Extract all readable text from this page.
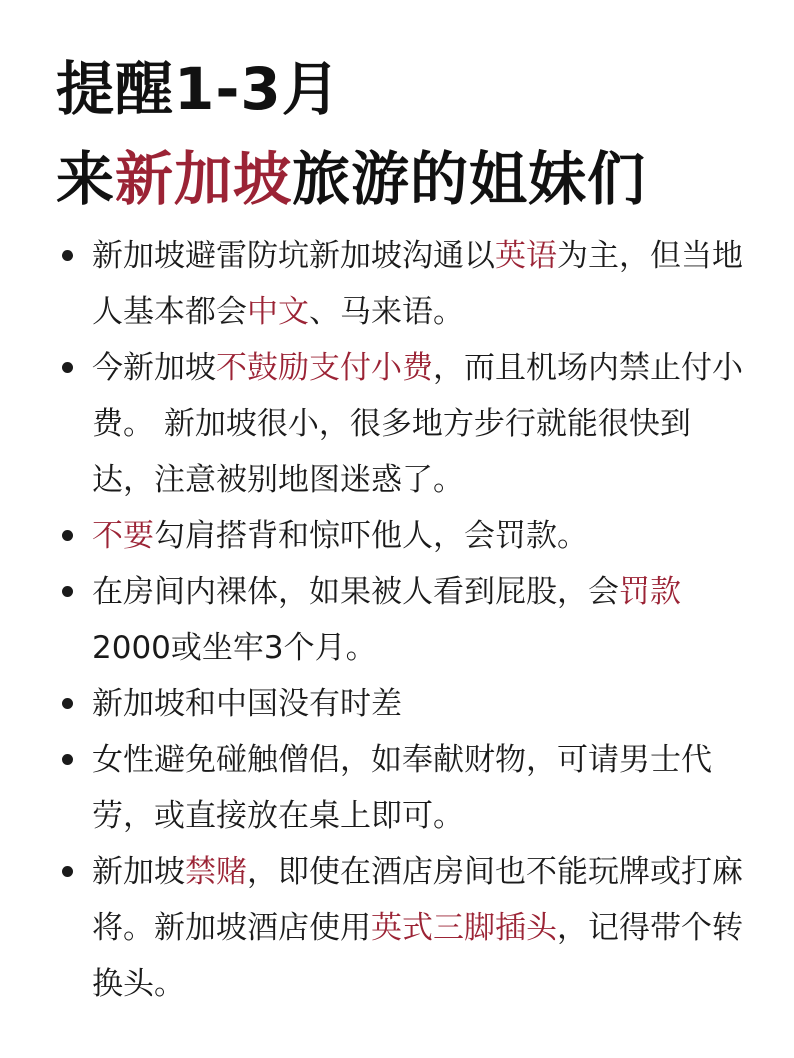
提醒1-3月
来新加坡旅游的姐妹们
新加坡避雷防坑新加坡沟通以英语为主，但当地人基本都会中文、马来语。
今新加坡不鼓励支付小费，而且机场内禁止付小费。 新加坡很小，很多地方步行就能很快到达，注意被别地图迷惑了。
不要勾肩搭背和惊吓他人，会罚款。
在房间内裸体，如果被人看到屁股，会罚款2000或坐牢3个月。
新加坡和中国没有时差
女性避免碰触僧侣，如奉献财物，可请男士代劳，或直接放在桌上即可。
新加坡禁赌，即使在酒店房间也不能玩牌或打麻将。新加坡酒店使用英式三脚插头，记得带个转换头。
